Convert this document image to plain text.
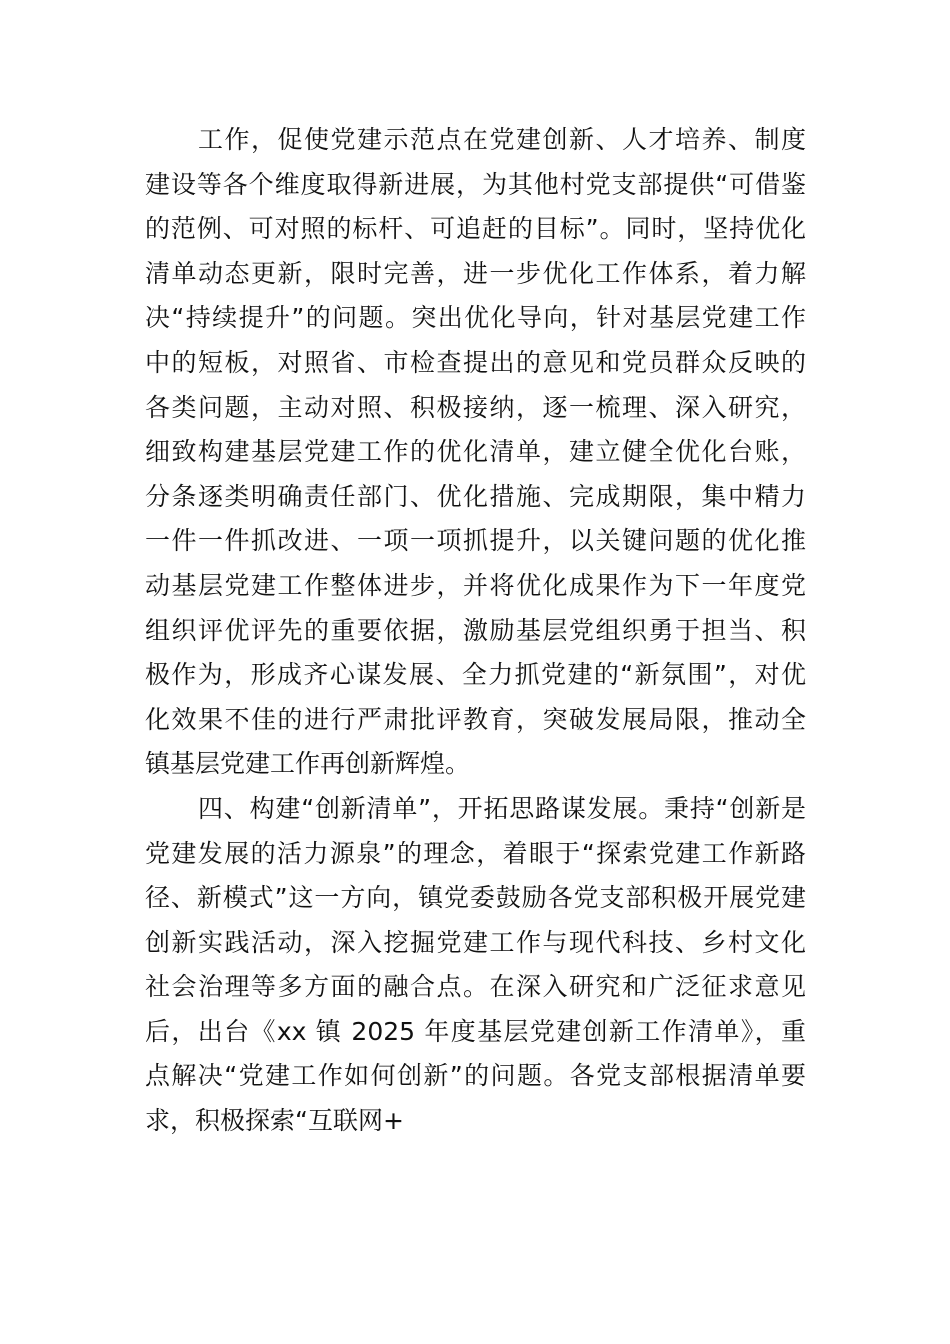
工作，促使党建示范点在党建创新、人才培养、制度
建设等各个维度取得新进展，为其他村党支部提供“可借鉴
的范例、可对照的标杆、可追赶的目标”。同时，坚持优化
清单动态更新，限时完善，进一步优化工作体系，着力解
决“持续提升”的问题。突出优化导向，针对基层党建工作
中的短板，对照省、市检查提出的意见和党员群众反映的
各类问题，主动对照、积极接纳，逐一梳理、深入研究，
细致构建基层党建工作的优化清单，建立健全优化台账，
分条逐类明确责任部门、优化措施、完成期限，集中精力
一件一件抓改进、一项一项抓提升，以关键问题的优化推
动基层党建工作整体进步，并将优化成果作为下一年度党
组织评优评先的重要依据，激励基层党组织勇于担当、积
极作为，形成齐心谋发展、全力抓党建的“新氛围”，对优
化效果不佳的进行严肃批评教育，突破发展局限，推动全
镇基层党建工作再创新辉煌。
四、构建“创新清单”，开拓思路谋发展。秉持“创新是
党建发展的活力源泉”的理念，着眼于“探索党建工作新路
径、新模式”这一方向，镇党委鼓励各党支部积极开展党建
创新实践活动，深入挖掘党建工作与现代科技、乡村文化
社会治理等多方面的融合点。在深入研究和广泛征求意见
后，出台《xx 镇 2025 年度基层党建创新工作清单》，重
点解决“党建工作如何创新”的问题。各党支部根据清单要
求，积极探索“互联网+
